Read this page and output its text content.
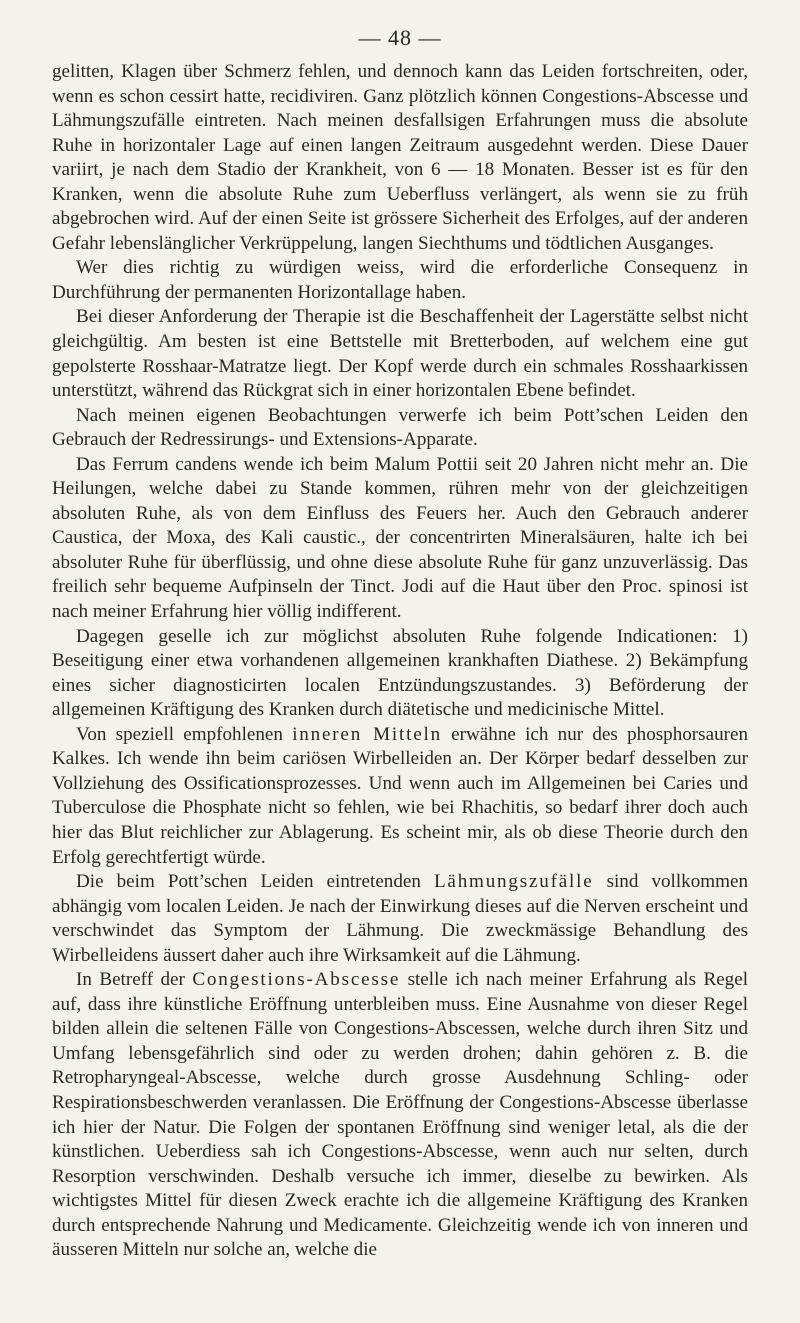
— 48 —

gelitten, Klagen über Schmerz fehlen, und dennoch kann das Leiden fortschreiten, oder, wenn es schon cessirt hatte, recidiviren. Ganz plötzlich können Congestions-Abscesse und Lähmungszufälle eintreten. Nach meinen desfallsigen Erfahrungen muss die absolute Ruhe in horizontaler Lage auf einen langen Zeitraum ausgedehnt werden. Diese Dauer variirt, je nach dem Stadio der Krankheit, von 6 — 18 Monaten. Besser ist es für den Kranken, wenn die absolute Ruhe zum Ueberfluss verlängert, als wenn sie zu früh abgebrochen wird. Auf der einen Seite ist grössere Sicherheit des Erfolges, auf der anderen Gefahr lebenslänglicher Verkrüppelung, langen Siechthums und tödtlichen Ausganges.

Wer dies richtig zu würdigen weiss, wird die erforderliche Consequenz in Durchführung der permanenten Horizontallage haben.

Bei dieser Anforderung der Therapie ist die Beschaffenheit der Lagerstätte selbst nicht gleichgültig. Am besten ist eine Bettstelle mit Bretterboden, auf welchem eine gut gepolsterte Rosshaar-Matratze liegt. Der Kopf werde durch ein schmales Rosshaarkissen unterstützt, während das Rückgrat sich in einer horizontalen Ebene befindet.

Nach meinen eigenen Beobachtungen verwerfe ich beim Pott’schen Leiden den Gebrauch der Redressirungs- und Extensions-Apparate.

Das Ferrum candens wende ich beim Malum Pottii seit 20 Jahren nicht mehr an. Die Heilungen, welche dabei zu Stande kommen, rühren mehr von der gleichzeitigen absoluten Ruhe, als von dem Einfluss des Feuers her. Auch den Gebrauch anderer Caustica, der Moxa, des Kali caustic., der concentrirten Mineralsäuren, halte ich bei absoluter Ruhe für überflüssig, und ohne diese absolute Ruhe für ganz unzuverlässig. Das freilich sehr bequeme Aufpinseln der Tinct. Jodi auf die Haut über den Proc. spinosi ist nach meiner Erfahrung hier völlig indifferent.

Dagegen geselle ich zur möglichst absoluten Ruhe folgende Indicationen: 1) Beseitigung einer etwa vorhandenen allgemeinen krankhaften Diathese. 2) Bekämpfung eines sicher diagnosticirten localen Entzündungszustandes. 3) Beförderung der allgemeinen Kräftigung des Kranken durch diätetische und medicinische Mittel.

Von speziell empfohlenen inneren Mitteln erwähne ich nur des phosphorsauren Kalkes. Ich wende ihn beim cariösen Wirbelleiden an. Der Körper bedarf desselben zur Vollziehung des Ossificationsprozesses. Und wenn auch im Allgemeinen bei Caries und Tuberculose die Phosphate nicht so fehlen, wie bei Rhachitis, so bedarf ihrer doch auch hier das Blut reichlicher zur Ablagerung. Es scheint mir, als ob diese Theorie durch den Erfolg gerechtfertigt würde.

Die beim Pott’schen Leiden eintretenden Lähmungszufälle sind vollkommen abhängig vom localen Leiden. Je nach der Einwirkung dieses auf die Nerven erscheint und verschwindet das Symptom der Lähmung. Die zweckmässige Behandlung des Wirbelleidens äussert daher auch ihre Wirksamkeit auf die Lähmung.

In Betreff der Congestions-Abscesse stelle ich nach meiner Erfahrung als Regel auf, dass ihre künstliche Eröffnung unterbleiben muss. Eine Ausnahme von dieser Regel bilden allein die seltenen Fälle von Congestions-Abscessen, welche durch ihren Sitz und Umfang lebensgefährlich sind oder zu werden drohen; dahin gehören z. B. die Retropharyngeal-Abscesse, welche durch grosse Ausdehnung Schling- oder Respirationsbeschwerden veranlassen. Die Eröffnung der Congestions-Abscesse überlasse ich hier der Natur. Die Folgen der spontanen Eröffnung sind weniger letal, als die der künstlichen. Ueberdiess sah ich Congestions-Abscesse, wenn auch nur selten, durch Resorption verschwinden. Deshalb versuche ich immer, dieselbe zu bewirken. Als wichtigstes Mittel für diesen Zweck erachte ich die allgemeine Kräftigung des Kranken durch entsprechende Nahrung und Medicamente. Gleichzeitig wende ich von inneren und äusseren Mitteln nur solche an, welche die
